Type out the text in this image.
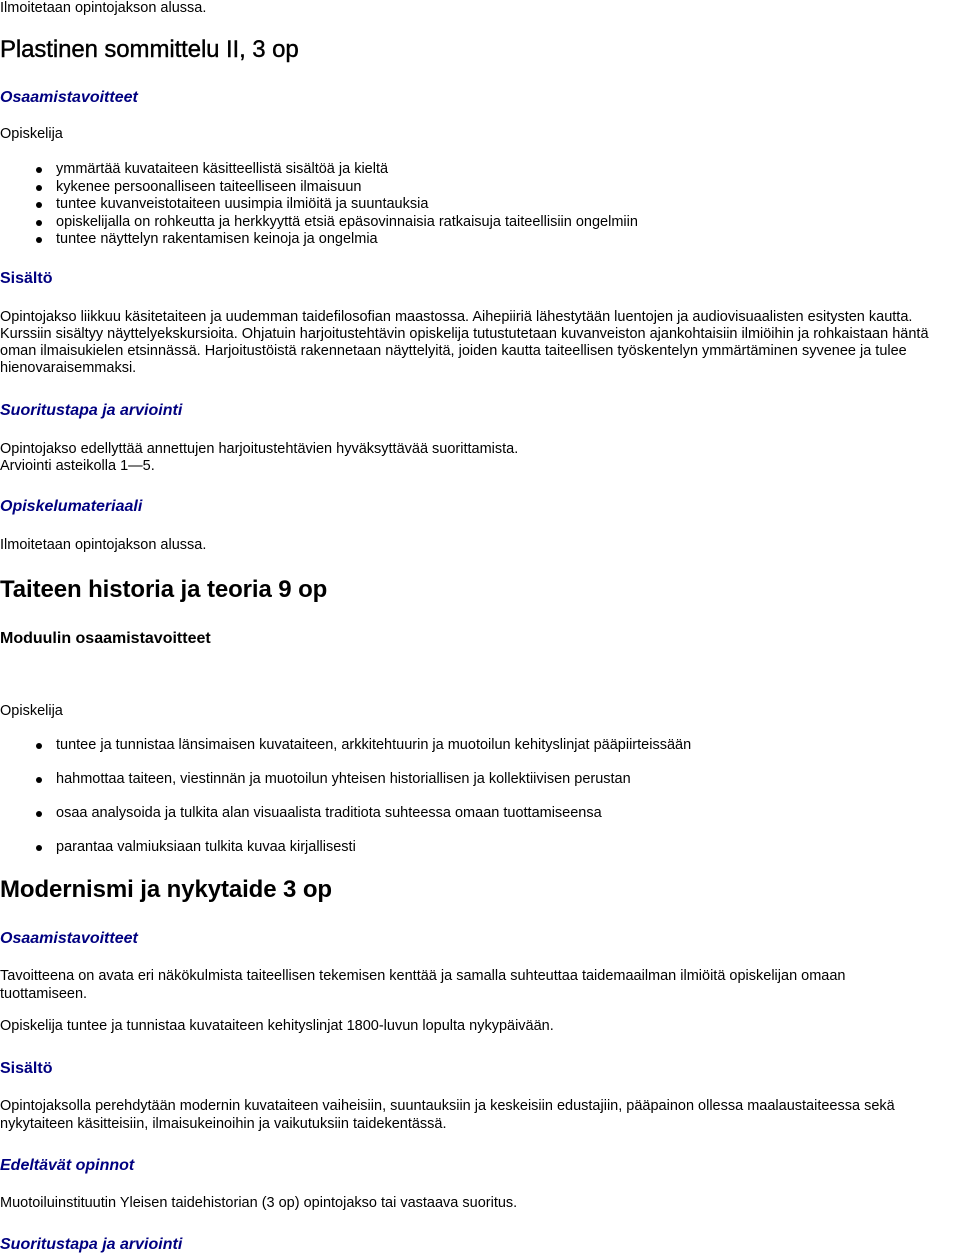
Ilmoitetaan opintojakson alussa.
Plastinen sommittelu II, 3 op
Osaamistavoitteet
Opiskelija
ymmärtää kuvataiteen käsitteellistä sisältöä ja kieltä
kykenee persoonalliseen taiteelliseen ilmaisuun
tuntee kuvanveistotaiteen uusimpia ilmiöitä ja suuntauksia
opiskelijalla on rohkeutta ja herkkyyttä etsiä epäsovinnaisia ratkaisuja taiteellisiin ongelmiin
tuntee näyttelyn rakentamisen keinoja ja ongelmia
Sisältö
Opintojakso liikkuu käsitetaiteen ja uudemman taidefilosofian maastossa. Aihepiiriä lähestytään luentojen ja audiovisuaalisten esitysten kautta.
Kurssiin sisältyy näyttelyekskursioita. Ohjatuin harjoitustehtävin opiskelija tutustutetaan kuvanveiston ajankohtaisiin ilmiöihin ja rohkaistaan häntä
oman ilmaisukielen etsinnässä. Harjoitustöistä rakennetaan näyttelyitä, joiden kautta taiteellisen työskentelyn ymmärtäminen syvenee ja tulee
hienovaraisemmaksi.
Suoritustapa ja arviointi
Opintojakso edellyttää annettujen harjoitustehtävien hyväksyttävää suorittamista.
Arviointi asteikolla 1—5.
Opiskelumateriaali
Ilmoitetaan opintojakson alussa.
Taiteen historia ja teoria 9 op
Moduulin osaamistavoitteet
Opiskelija
tuntee ja tunnistaa länsimaisen kuvataiteen, arkkitehtuurin ja muotoilun kehityslinjat pääpiirteissään
hahmottaa taiteen, viestinnän ja muotoilun yhteisen historiallisen ja kollektiivisen perustan
osaa analysoida ja tulkita alan visuaalista traditiota suhteessa omaan tuottamiseensa
parantaa valmiuksiaan tulkita kuvaa kirjallisesti
Modernismi ja nykytaide 3 op
Osaamistavoitteet
Tavoitteena on avata eri näkökulmista taiteellisen tekemisen kenttää ja samalla suhteuttaa taidemaailman ilmiöitä opiskelijan omaan
tuottamiseen.
Opiskelija tuntee ja tunnistaa kuvataiteen kehityslinjat 1800-luvun lopulta nykypäivään.
Sisältö
Opintojaksolla perehdytään modernin kuvataiteen vaiheisiin, suuntauksiin ja keskeisiin edustajiin, pääpainon ollessa maalaustaiteessa sekä
nykytaiteen käsitteisiin, ilmaisukeinoihin ja vaikutuksiin taidekentässä.
Edeltävät opinnot
Muotoiluinstituutin Yleisen taidehistorian (3 op) opintojakso tai vastaava suoritus.
Suoritustapa ja arviointi
